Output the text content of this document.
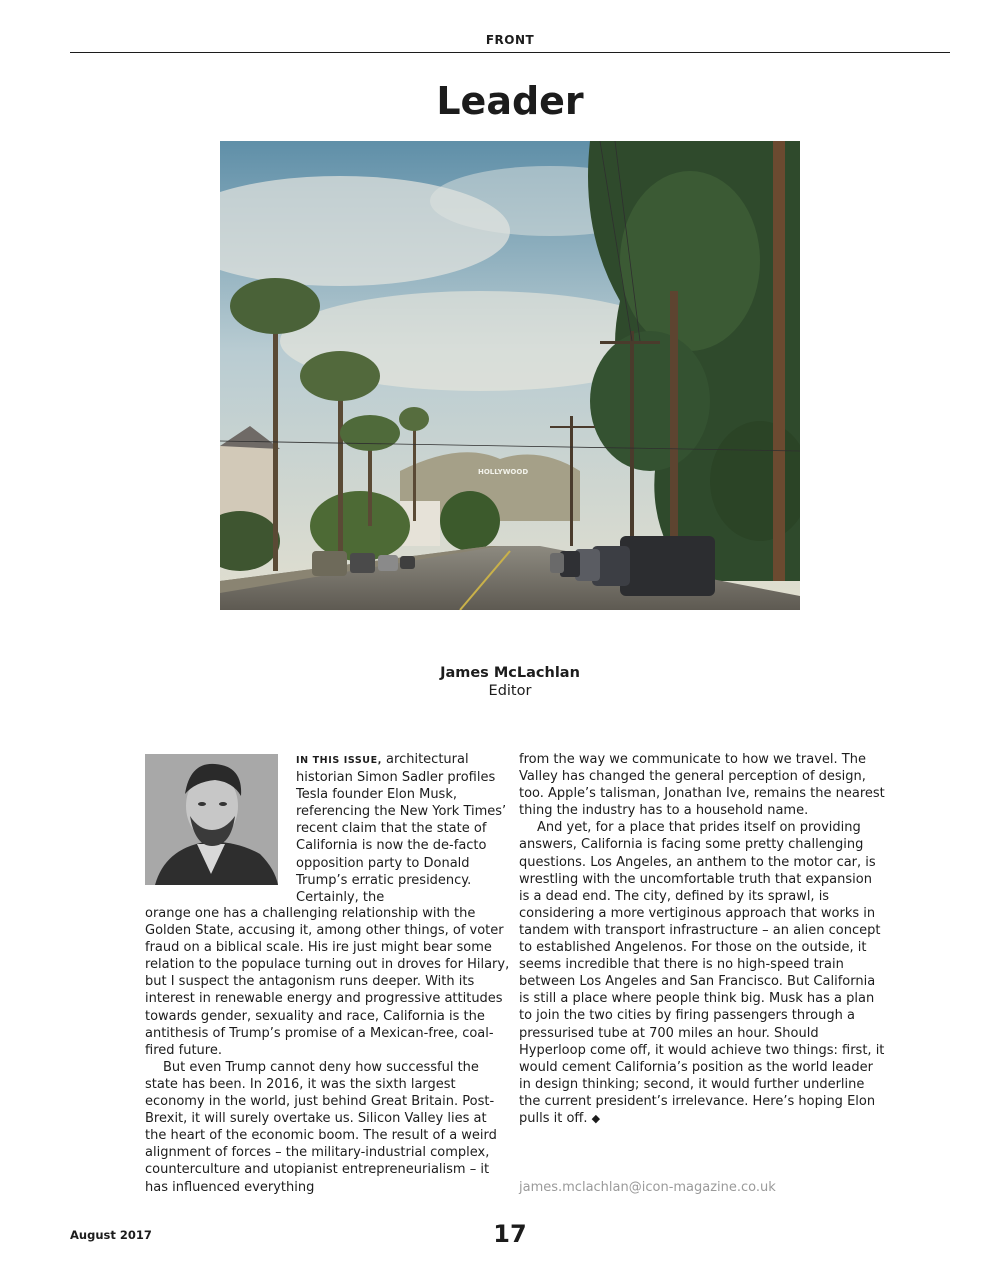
FRONT
Leader
HOLLYWOOD
James McLachlan
Editor

IN THIS ISSUE, architectural historian Simon Sadler profiles Tesla founder Elon Musk, referencing the New York Times’ recent claim that the state of California is now the de-facto opposition party to Donald Trump’s erratic presidency. Certainly, the

orange one has a challenging relationship with the Golden State, accusing it, among other things, of voter fraud on a biblical scale. His ire just might bear some relation to the populace turning out in droves for Hilary, but I suspect the antagonism runs deeper. With its interest in renewable energy and progressive attitudes towards gender, sexuality and race, California is the antithesis of Trump’s promise of a Mexican-free, coal-fired future.

But even Trump cannot deny how successful the state has been. In 2016, it was the sixth largest economy in the world, just behind Great Britain. Post-Brexit, it will surely overtake us. Silicon Valley lies at the heart of the economic boom. The result of a weird alignment of forces – the military-industrial complex, counterculture and utopianist entrepreneurialism – it has influenced everything

from the way we communicate to how we travel. The Valley has changed the general perception of design, too. Apple’s talisman, Jonathan Ive, remains the nearest thing the industry has to a household name.

And yet, for a place that prides itself on providing answers, California is facing some pretty challenging questions. Los Angeles, an anthem to the motor car, is wrestling with the uncomfortable truth that expansion is a dead end. The city, defined by its sprawl, is considering a more vertiginous approach that works in tandem with transport infrastructure – an alien concept to established Angelenos. For those on the outside, it seems incredible that there is no high-speed train between Los Angeles and San Francisco. But California is still a place where people think big. Musk has a plan to join the two cities by firing passengers through a pressurised tube at 700 miles an hour. Should Hyperloop come off, it would achieve two things: first, it would cement California’s position as the world leader in design thinking; second, it would further underline the current president’s irrelevance. Here’s hoping Elon pulls it off. ◆

james.mclachlan@icon-magazine.co.uk
August 2017	17
